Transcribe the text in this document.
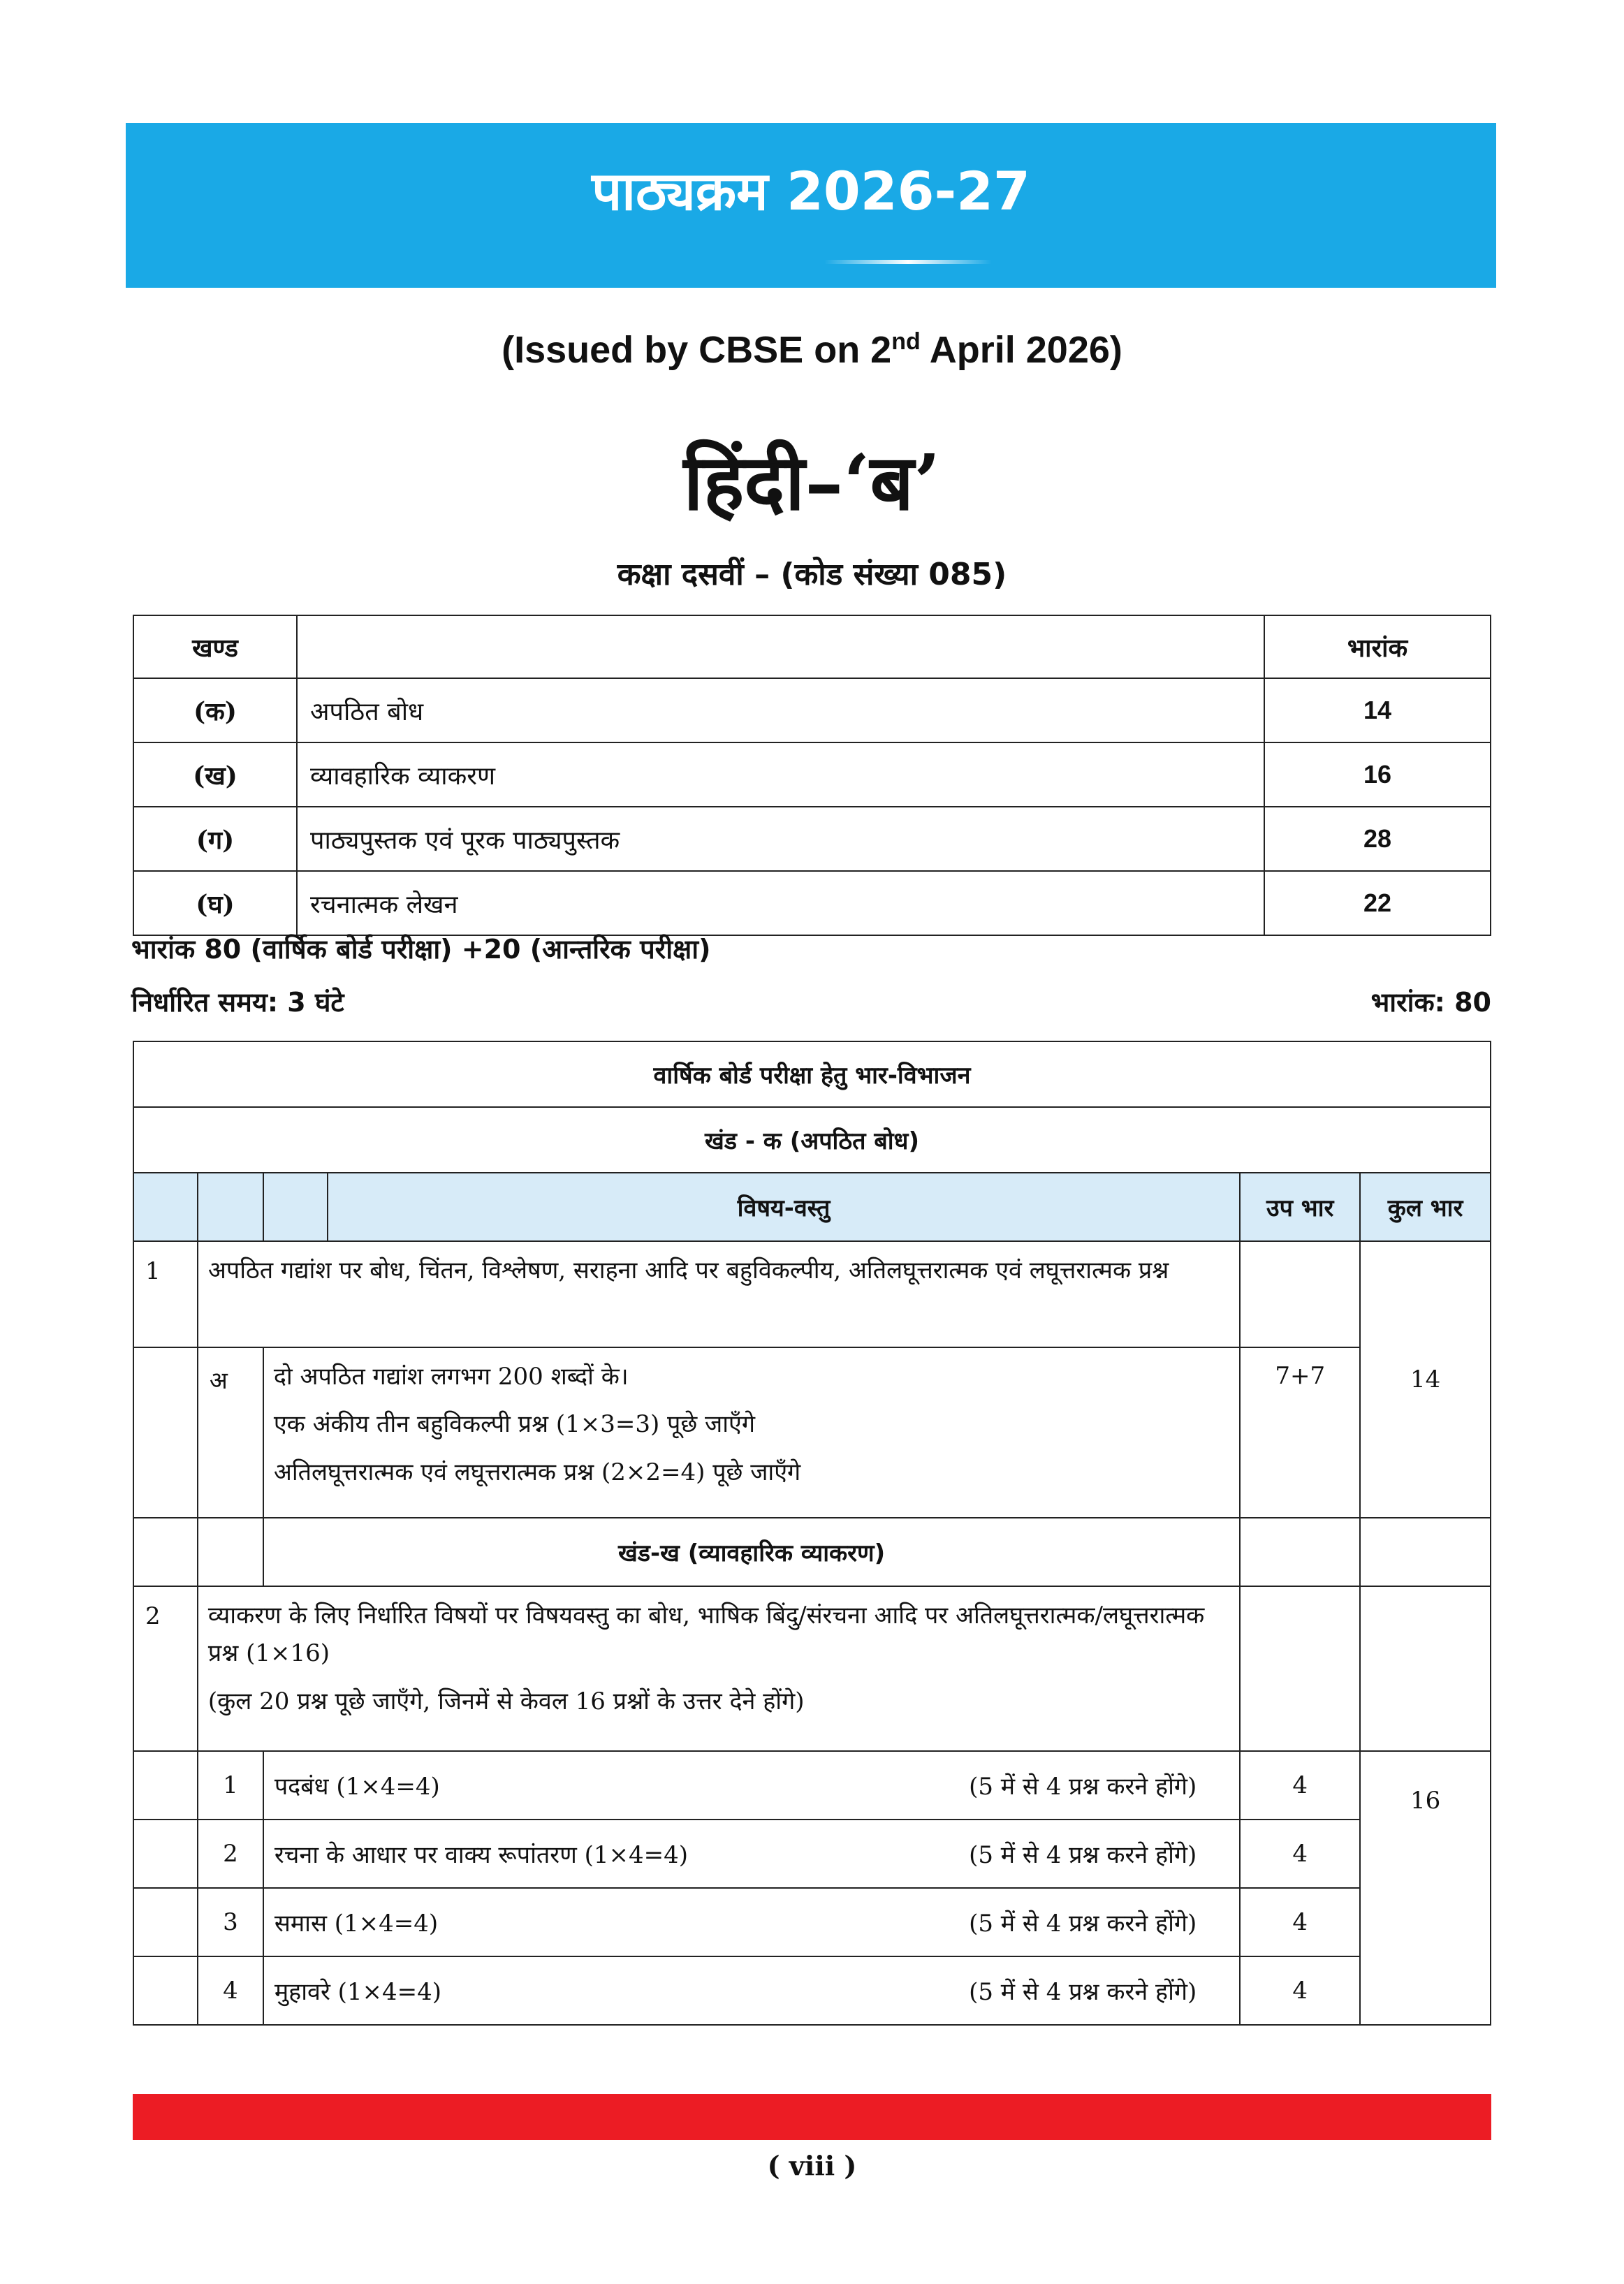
पाठ्यक्रम 2026-27
(Issued by CBSE on 2nd April 2026)
हिंदी–‘ब’
कक्षा दसवीं – (कोड संख्या 085)
खण्ड		भारांक
(क)	अपठित बोध	14
(ख)	व्यावहारिक व्याकरण	16
(ग)	पाठ्यपुस्तक एवं पूरक पाठ्यपुस्तक	28
(घ)	रचनात्मक लेखन	22
भारांक 80 (वार्षिक बोर्ड परीक्षा) +20 (आन्तरिक परीक्षा)
निर्धारित समय: 3 घंटे	भारांक: 80
वार्षिक बोर्ड परीक्षा हेतु भार-विभाजन					
खंड - क (अपठित बोध)					
			विषय-वस्तु	उप भार	कुल भार
1	अपठित गद्यांश पर बोध, चिंतन, विश्लेषण, सराहना आदि पर बहुविकल्पीय, अतिलघूत्तरात्मक एवं लघूत्तरात्मक प्रश्न				14
	अ	दो अपठित गद्यांश लगभग 200 शब्दों के।

एक अंकीय तीन बहुविकल्पी प्रश्न (1×3=3) पूछे जाएँगे

अतिलघूत्तरात्मक एवं लघूत्तरात्मक प्रश्न (2×2=4) पूछे जाएँगे		7+7	
		खंड-ख (व्यावहारिक व्याकरण)			
2	व्याकरण के लिए निर्धारित विषयों पर विषयवस्तु का बोध, भाषिक बिंदु/संरचना आदि पर अतिलघूत्तरात्मक/लघूत्तरात्मक प्रश्न (1×16)

(कुल 20 प्रश्न पूछे जाएँगे, जिनमें से केवल 16 प्रश्नों के उत्तर देने होंगे)				

	1	पदबंध (1×4=4) (5 में से 4 प्रश्न करने होंगे)		4	16
	2	रचना के आधार पर वाक्य रूपांतरण (1×4=4) (5 में से 4 प्रश्न करने होंगे)		4	
	3	समास (1×4=4) (5 में से 4 प्रश्न करने होंगे)		4	
	4	मुहावरे (1×4=4) (5 में से 4 प्रश्न करने होंगे)		4	
( viii )
